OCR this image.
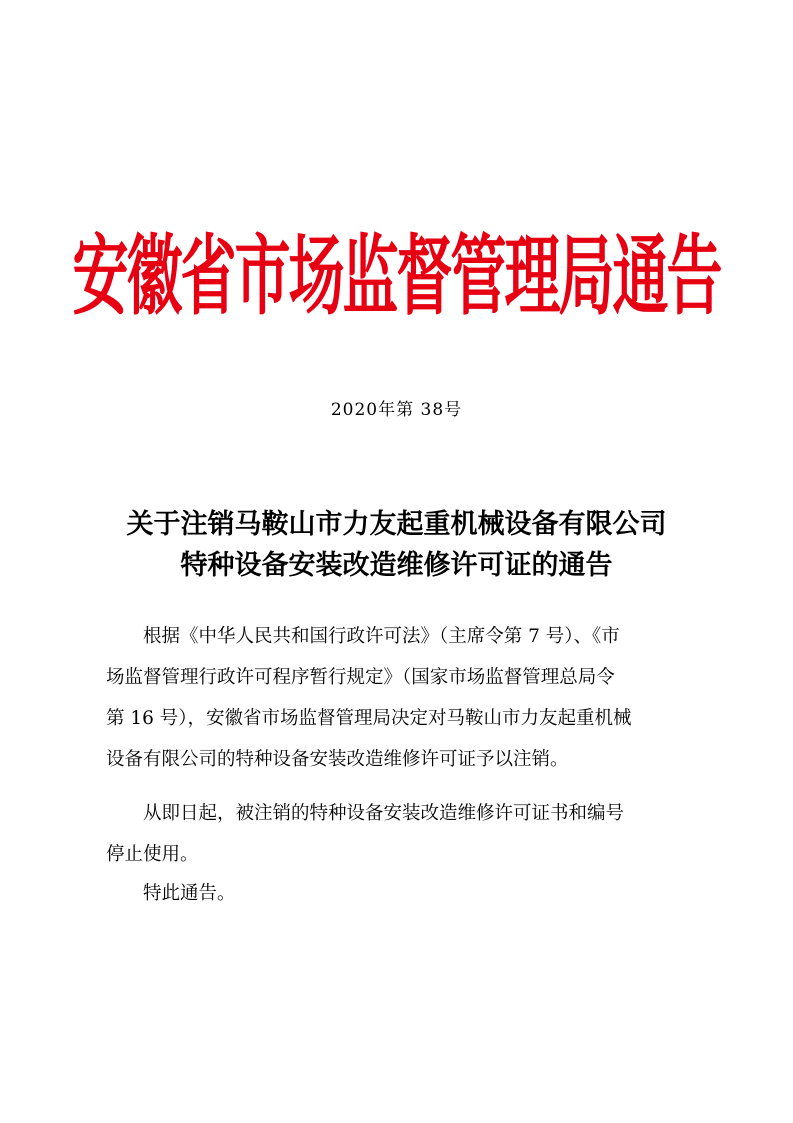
安徽省市场监督管理局通告
2020年第 38号
关于注销马鞍山市力友起重机械设备有限公司
特种设备安装改造维修许可证的通告
　　根据《中华人民共和国行政许可法》（主席令第 7 号）、《市
场监督管理行政许可程序暂行规定》（国家市场监督管理总局令
第 16 号），安徽省市场监督管理局决定对马鞍山市力友起重机械
设备有限公司的特种设备安装改造维修许可证予以注销。
　　从即日起，被注销的特种设备安装改造维修许可证书和编号
停止使用。
　　特此通告。
